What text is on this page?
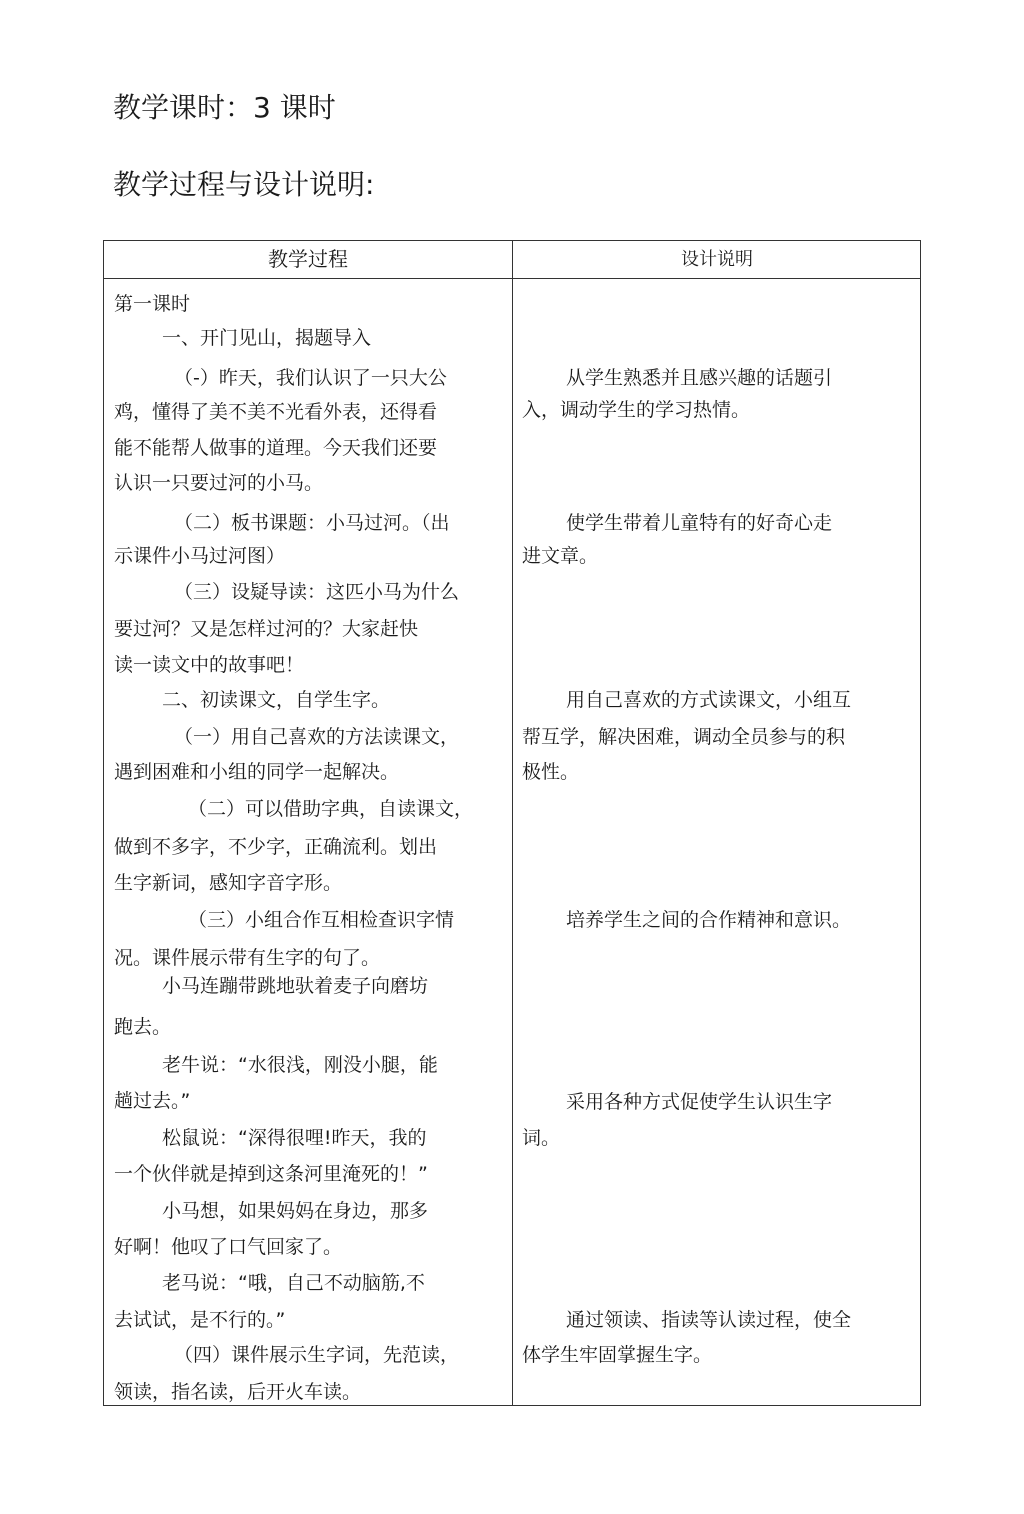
教学课时：3 课时
教学过程与设计说明:
教学过程	设计说明
第一课时
一、开门见山，揭题导入
（-）昨天，我们认识了一只大公
鸡，懂得了美不美不光看外表，还得看
能不能帮人做事的道理。今天我们还要
认识一只要过河的小马。
（二）板书课题：小马过河。（出
示课件小马过河图）
（三）设疑导读：这匹小马为什么
要过河？又是怎样过河的？大家赶快
读一读文中的故事吧！
二、初读课文，自学生字。
（一）用自己喜欢的方法读课文，
遇到困难和小组的同学一起解决。
（二）可以借助字典，自读课文，
做到不多字，不少字，正确流利。划出
生字新词，感知字音字形。
（三）小组合作互相检查识字情
况。课件展示带有生字的句了。
小马连蹦带跳地驮着麦子向磨坊
跑去。
老牛说：“水很浅，刚没小腿，能
趟过去。”
松鼠说：“深得很哩!昨天，我的
一个伙伴就是掉到这条河里淹死的！”
小马想，如果妈妈在身边，那多
好啊！他叹了口气回家了。
老马说：“哦，自己不动脑筋,不
去试试，是不行的。”
（四）课件展示生字词，先范读，
领读，指名读，后开火车读。
从学生熟悉并且感兴趣的话题引
入，调动学生的学习热情。
使学生带着儿童特有的好奇心走
进文章。
用自己喜欢的方式读课文，小组互
帮互学，解决困难，调动全员参与的积
极性。
培养学生之间的合作精神和意识。
采用各种方式促使学生认识生字
词。
通过领读、指读等认读过程，使全
体学生牢固掌握生字。
